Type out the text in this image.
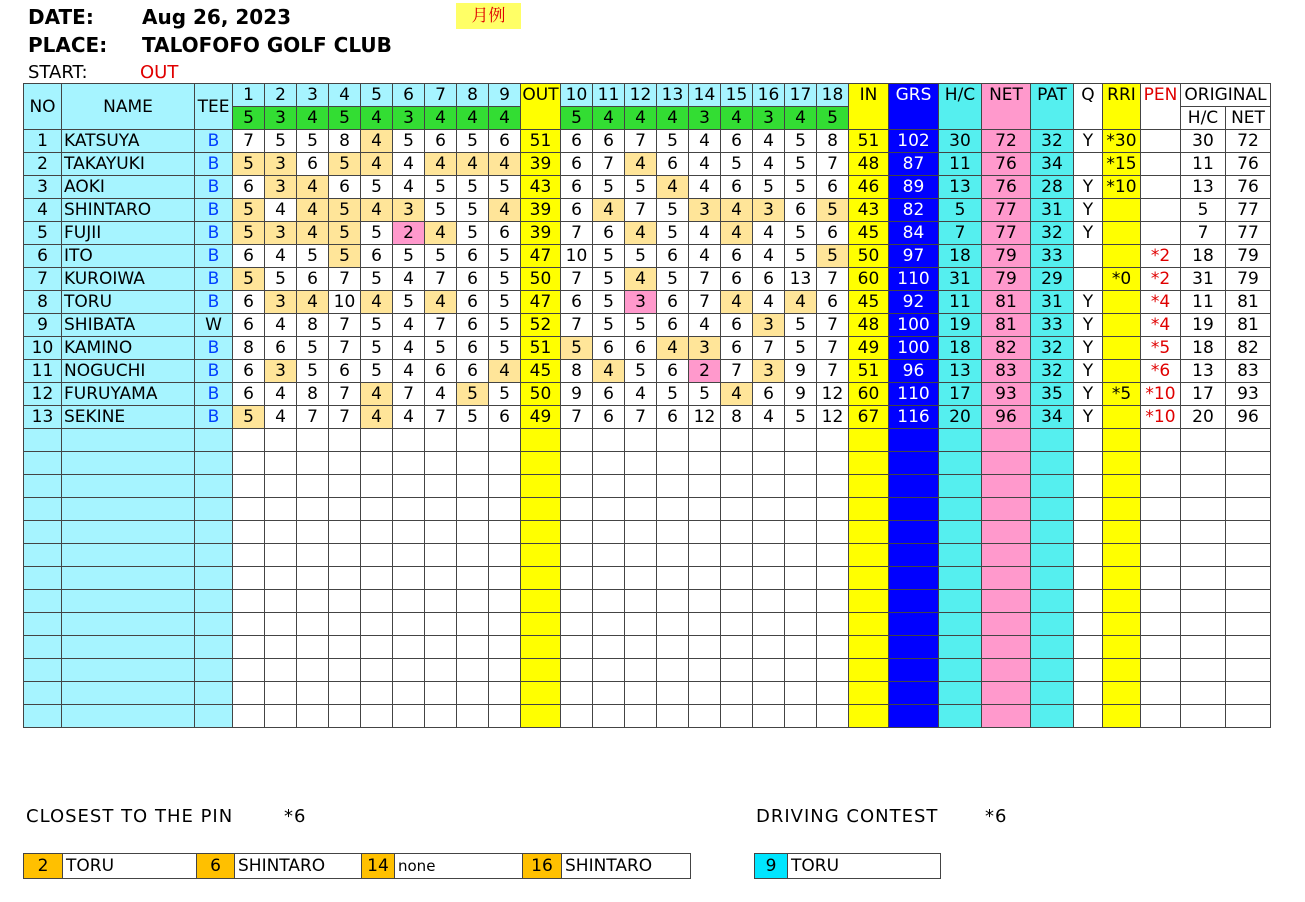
DATE: Aug 26, 2023	月例
PLACE: TALOFOFO GOLF CLUB
START:	OUT
NO	NAME	TEE	1	2	3	4	5	6	7	8	9	OUT	10	11	12	13	14	15	16	17	18	IN	GRS	H/C	NET	PAT	Q	RRI	PEN	ORIGINAL	
			5	3	4	5	4	3	4	4	4		5	4	4	4	3	4	3	4	5									H/C	NET
1	KATSUYA	B	7	5	5	8	4	5	6	5	6	51	6	6	7	5	4	6	4	5	8	51	102	30	72	32	Y	*30		30	72
2	TAKAYUKI	B	5	3	6	5	4	4	4	4	4	39	6	7	4	6	4	5	4	5	7	48	87	11	76	34		*15		11	76
3	AOKI	B	6	3	4	6	5	4	5	5	5	43	6	5	5	4	4	6	5	5	6	46	89	13	76	28	Y	*10		13	76
4	SHINTARO	B	5	4	4	5	4	3	5	5	4	39	6	4	7	5	3	4	3	6	5	43	82	5	77	31	Y			5	77
5	FUJII	B	5	3	4	5	5	2	4	5	6	39	7	6	4	5	4	4	4	5	6	45	84	7	77	32	Y			7	77
6	ITO	B	6	4	5	5	6	5	5	6	5	47	10	5	5	6	4	6	4	5	5	50	97	18	79	33			*2	18	79
7	KUROIWA	B	5	5	6	7	5	4	7	6	5	50	7	5	4	5	7	6	6	13	7	60	110	31	79	29		*0	*2	31	79
8	TORU	B	6	3	4	10	4	5	4	6	5	47	6	5	3	6	7	4	4	4	6	45	92	11	81	31	Y		*4	11	81
9	SHIBATA	W	6	4	8	7	5	4	7	6	5	52	7	5	5	6	4	6	3	5	7	48	100	19	81	33	Y		*4	19	81
10	KAMINO	B	8	6	5	7	5	4	5	6	5	51	5	6	6	4	3	6	7	5	7	49	100	18	82	32	Y		*5	18	82
11	NOGUCHI	B	6	3	5	6	5	4	6	6	4	45	8	4	5	6	2	7	3	9	7	51	96	13	83	32	Y		*6	13	83
12	FURUYAMA	B	6	4	8	7	4	7	4	5	5	50	9	6	4	5	5	4	6	9	12	60	110	17	93	35	Y	*5	*10	17	93
13	SEKINE	B	5	4	7	7	4	4	7	5	6	49	7	6	7	6	12	8	4	5	12	67	116	20	96	34	Y		*10	20	96

CLOSEST TO THE PIN	*6	DRIVING CONTEST	*6
2	TORU	6	SHINTARO	14 none	16 SHINTARO	9 TORU
